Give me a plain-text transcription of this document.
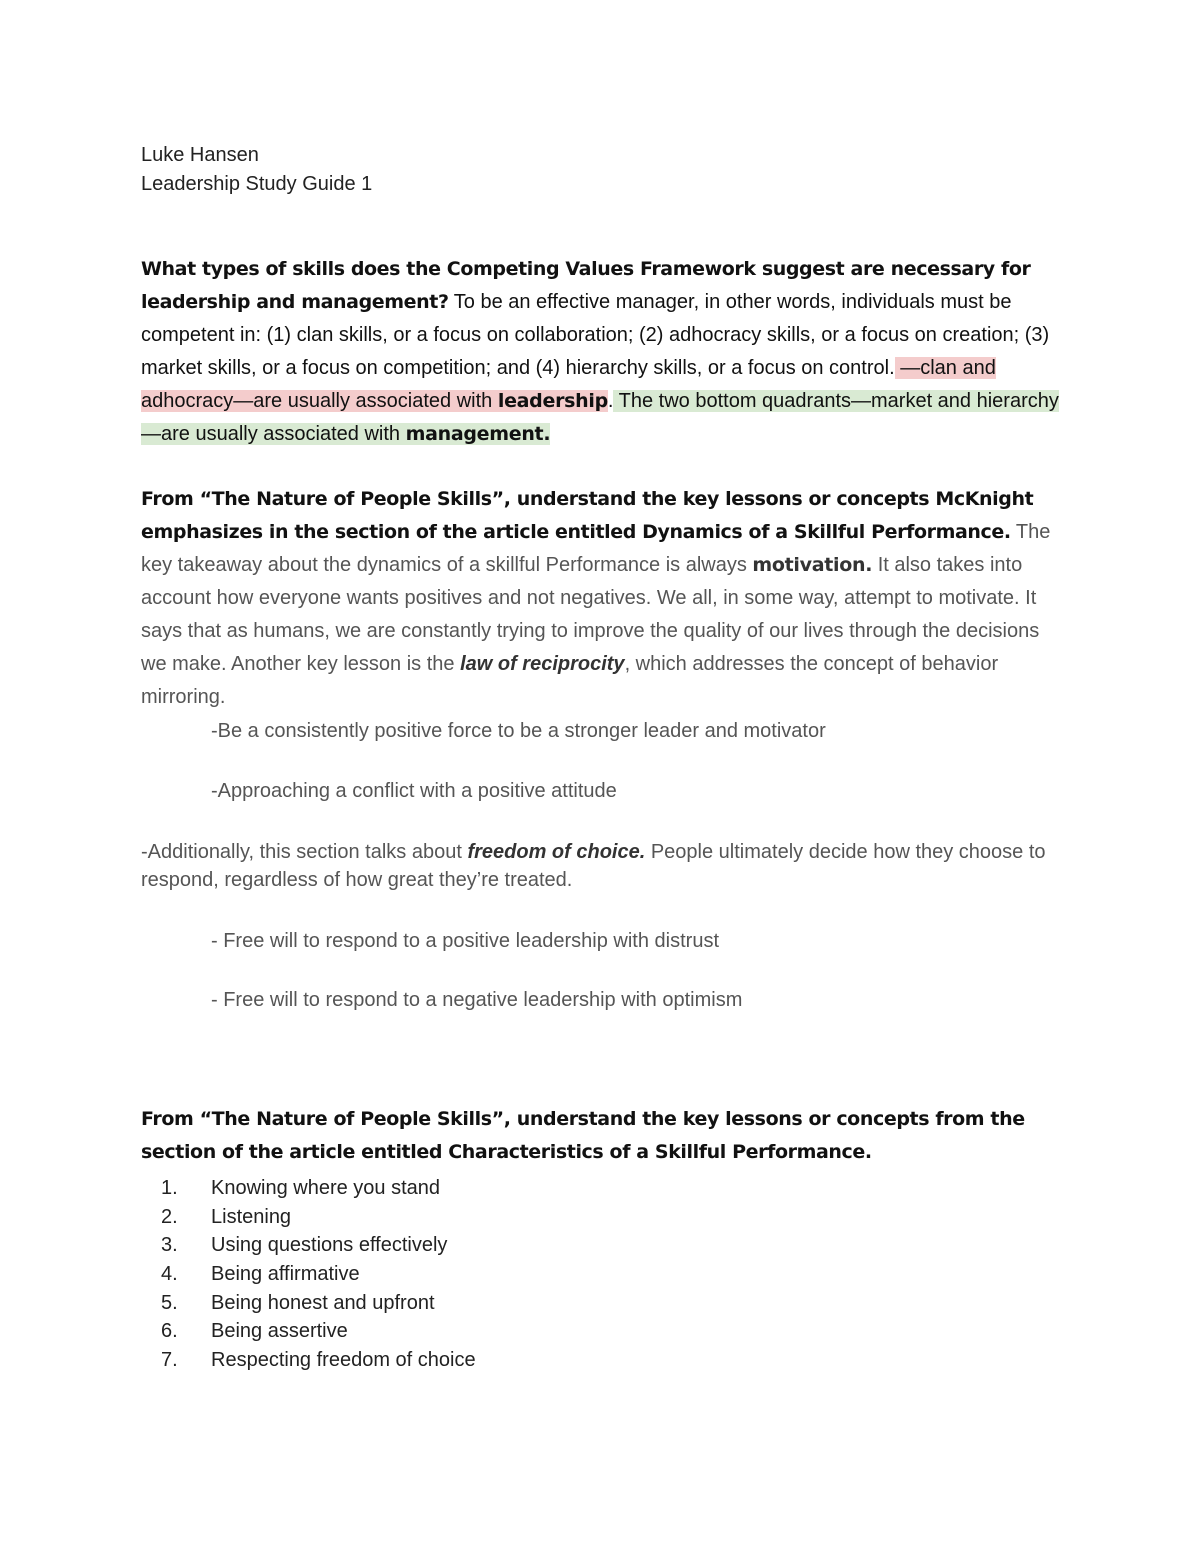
Luke Hansen
Leadership Study Guide 1
What types of skills does the Competing Values Framework suggest are necessary for leadership and management? To be an effective manager, in other words, individuals must be competent in: (1) clan skills, or a focus on collaboration; (2) adhocracy skills, or a focus on creation; (3) market skills, or a focus on competition; and (4) hierarchy skills, or a focus on control. —clan and adhocracy—are usually associated with leadership. The two bottom quadrants—market and hierarchy—are usually associated with management.
From “The Nature of People Skills”, understand the key lessons or concepts McKnight emphasizes in the section of the article entitled Dynamics of a Skillful Performance. The key takeaway about the dynamics of a skillful Performance is always motivation. It also takes into account how everyone wants positives and not negatives. We all, in some way, attempt to motivate. It says that as humans, we are constantly trying to improve the quality of our lives through the decisions we make. Another key lesson is the law of reciprocity, which addresses the concept of behavior mirroring.
-Be a consistently positive force to be a stronger leader and motivator
-Approaching a conflict with a positive attitude
-Additionally, this section talks about freedom of choice. People ultimately decide how they choose to respond, regardless of how great they’re treated.
- Free will to respond to a positive leadership with distrust
- Free will to respond to a negative leadership with optimism
From “The Nature of People Skills”, understand the key lessons or concepts from the section of the article entitled Characteristics of a Skillful Performance.
1.	Knowing where you stand
2.	Listening
3.	Using questions effectively
4.	Being affirmative
5.	Being honest and upfront
6.	Being assertive
7.	Respecting freedom of choice
